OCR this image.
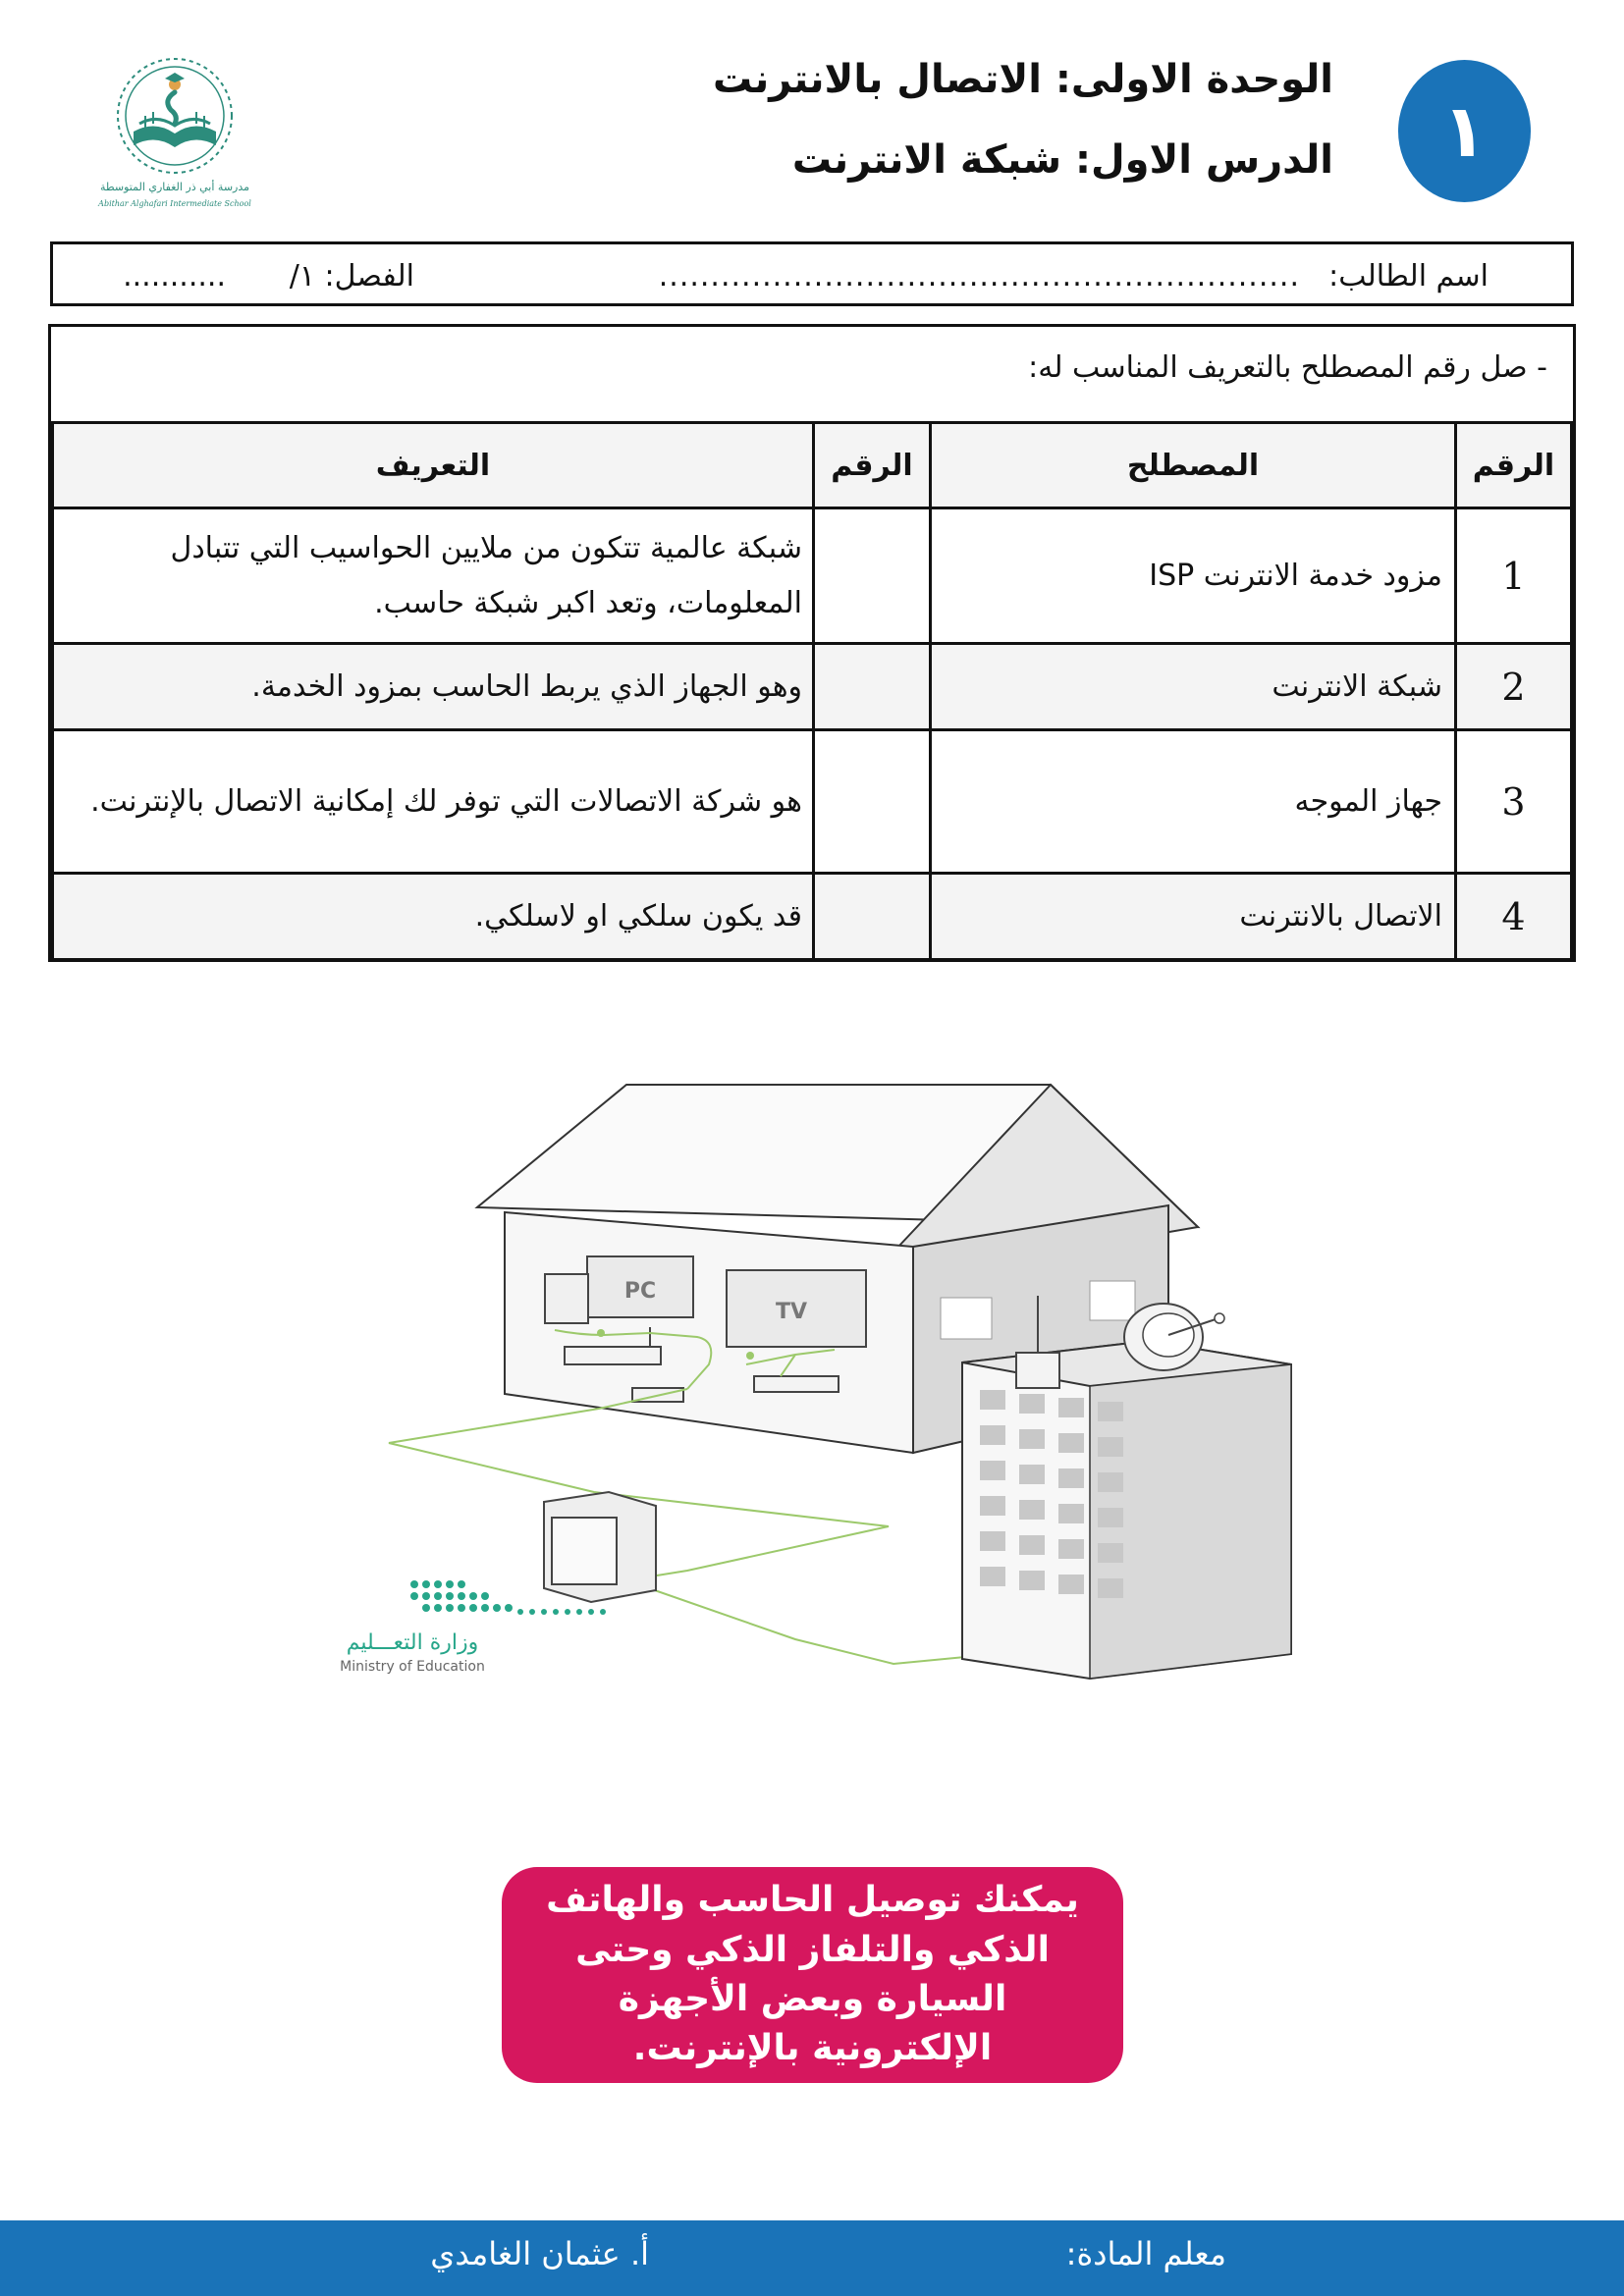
١
الوحدة الاولى: الاتصال بالانترنت
الدرس الاول: شبكة الانترنت
مدرسة أبي ذر الغفاري المتوسطة
Abithar Alghafari Intermediate School
اسم الطالب:
..............................................................
الفصل: ١/
...........
- صل رقم المصطلح بالتعريف المناسب له:
الرقم	المصطلح	الرقم	التعريف
1	مزود خدمة الانترنت ISP		شبكة عالمية تتكون من ملايين الحواسيب التي تتبادل المعلومات، وتعد اكبر شبكة حاسب.
2	شبكة الانترنت		وهو الجهاز الذي يربط الحاسب بمزود الخدمة.
3	جهاز الموجه		هو شركة الاتصالات التي توفر لك إمكانية الاتصال بالإنترنت.
4	الاتصال بالانترنت		قد يكون سلكي او لاسلكي.
PC
TV
وزارة التعـــليم
Ministry of Education
يمكنك توصيل الحاسب والهاتف الذكي والتلفاز الذكي وحتى السيارة وبعض الأجهزة الإلكترونية بالإنترنت.
معلم المادة:
أ. عثمان الغامدي
